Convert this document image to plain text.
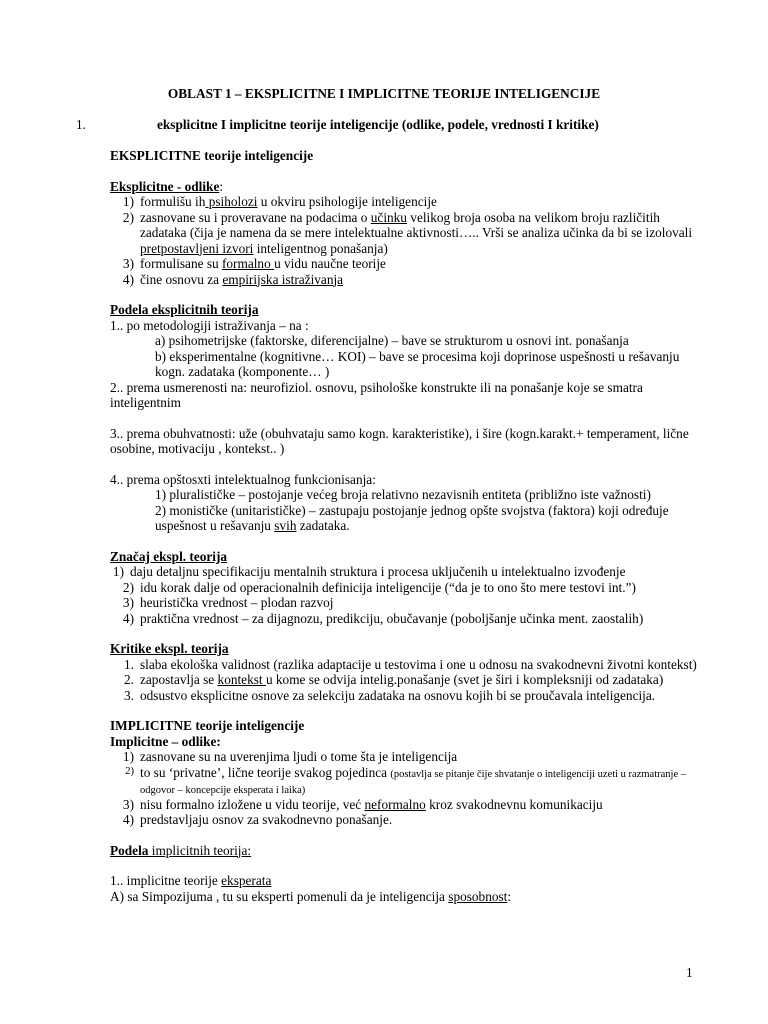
OBLAST 1 – EKSPLICITNE I IMPLICITNE TEORIJE INTELIGENCIJE
1.	eksplicitne I implicitne teorije inteligencije (odlike, podele, vrednosti I kritike)

EKSPLICITNE teorije inteligencije

Eksplicitne - odlike:

1) formulišu ih psiholozi u okviru psihologije inteligencije
2) zasnovane su i proveravane na podacima o učinku velikog broja osoba na velikom broju različitih zadataka (čija je namena da se mere intelektualne aktivnosti….. Vrši se analiza učinka da bi se izolovali pretpostavljeni izvori inteligentnog ponašanja)
3) formulisane su formalno u vidu naučne teorije
4) čine osnovu za empirijska istraživanja

Podela eksplicitnih teorija

1.. po metodologiji istraživanja – na :

a) psihometrijske (faktorske, diferencijalne) – bave se strukturom u osnovi int. ponašanja

b) eksperimentalne (kognitivne… KOI) – bave se procesima koji doprinose uspešnosti u rešavanju kogn. zadataka (komponente… )

2.. prema usmerenosti na: neurofiziol. osnovu, psihološke konstrukte ili na ponašanje koje se smatra inteligentnim

3.. prema obuhvatnosti: uže (obuhvataju samo kogn. karakteristike), i šire (kogn.karakt.+ temperament, lične osobine, motivaciju , kontekst.. )

4.. prema opštosxti intelektualnog funkcionisanja:

1) pluralističke – postojanje većeg broja relativno nezavisnih entiteta (približno iste važnosti)

2) monističke (unitarističke) – zastupaju postojanje jednog opšte svojstva (faktora) koji određuje uspešnost u rešavanju svih zadataka.

Značaj ekspl. teorija

1) daju detaljnu specifikaciju mentalnih struktura i procesa uključenih u intelektualno izvođenje
2) idu korak dalje od operacionalnih definicija inteligencije (“da je to ono što mere testovi int.”)
3) heuristička vrednost – plodan razvoj
4) praktična vrednost – za dijagnozu, predikciju, obučavanje (poboljšanje učinka ment. zaostalih)

Kritike ekspl. teorija

1. slaba ekološka validnost (razlika adaptacije u testovima i one u odnosu na svakodnevni životni kontekst)
2. zapostavlja se kontekst u kome se odvija intelig.ponašanje (svet je širi i kompleksniji od zadataka)
3. odsustvo eksplicitne osnove za selekciju zadataka na osnovu kojih bi se proučavala inteligencija.

IMPLICITNE teorije inteligencije

Implicitne – odlike:

1) zasnovane su na uverenjima ljudi o tome šta je inteligencija
2) to su ‘privatne’, lične teorije svakog pojedinca (postavlja se pitanje čije shvatanje o inteligenciji uzeti u razmatranje – odgovor – koncepcije eksperata i laika)
3) nisu formalno izložene u vidu teorije, već neformalno kroz svakodnevnu komunikaciju
4) predstavljaju osnov za svakodnevno ponašanje.

Podela implicitnih teorija:

1.. implicitne teorije eksperata

A) sa Simpozijuma , tu su eksperti pomenuli da je inteligencija sposobnost:

1
